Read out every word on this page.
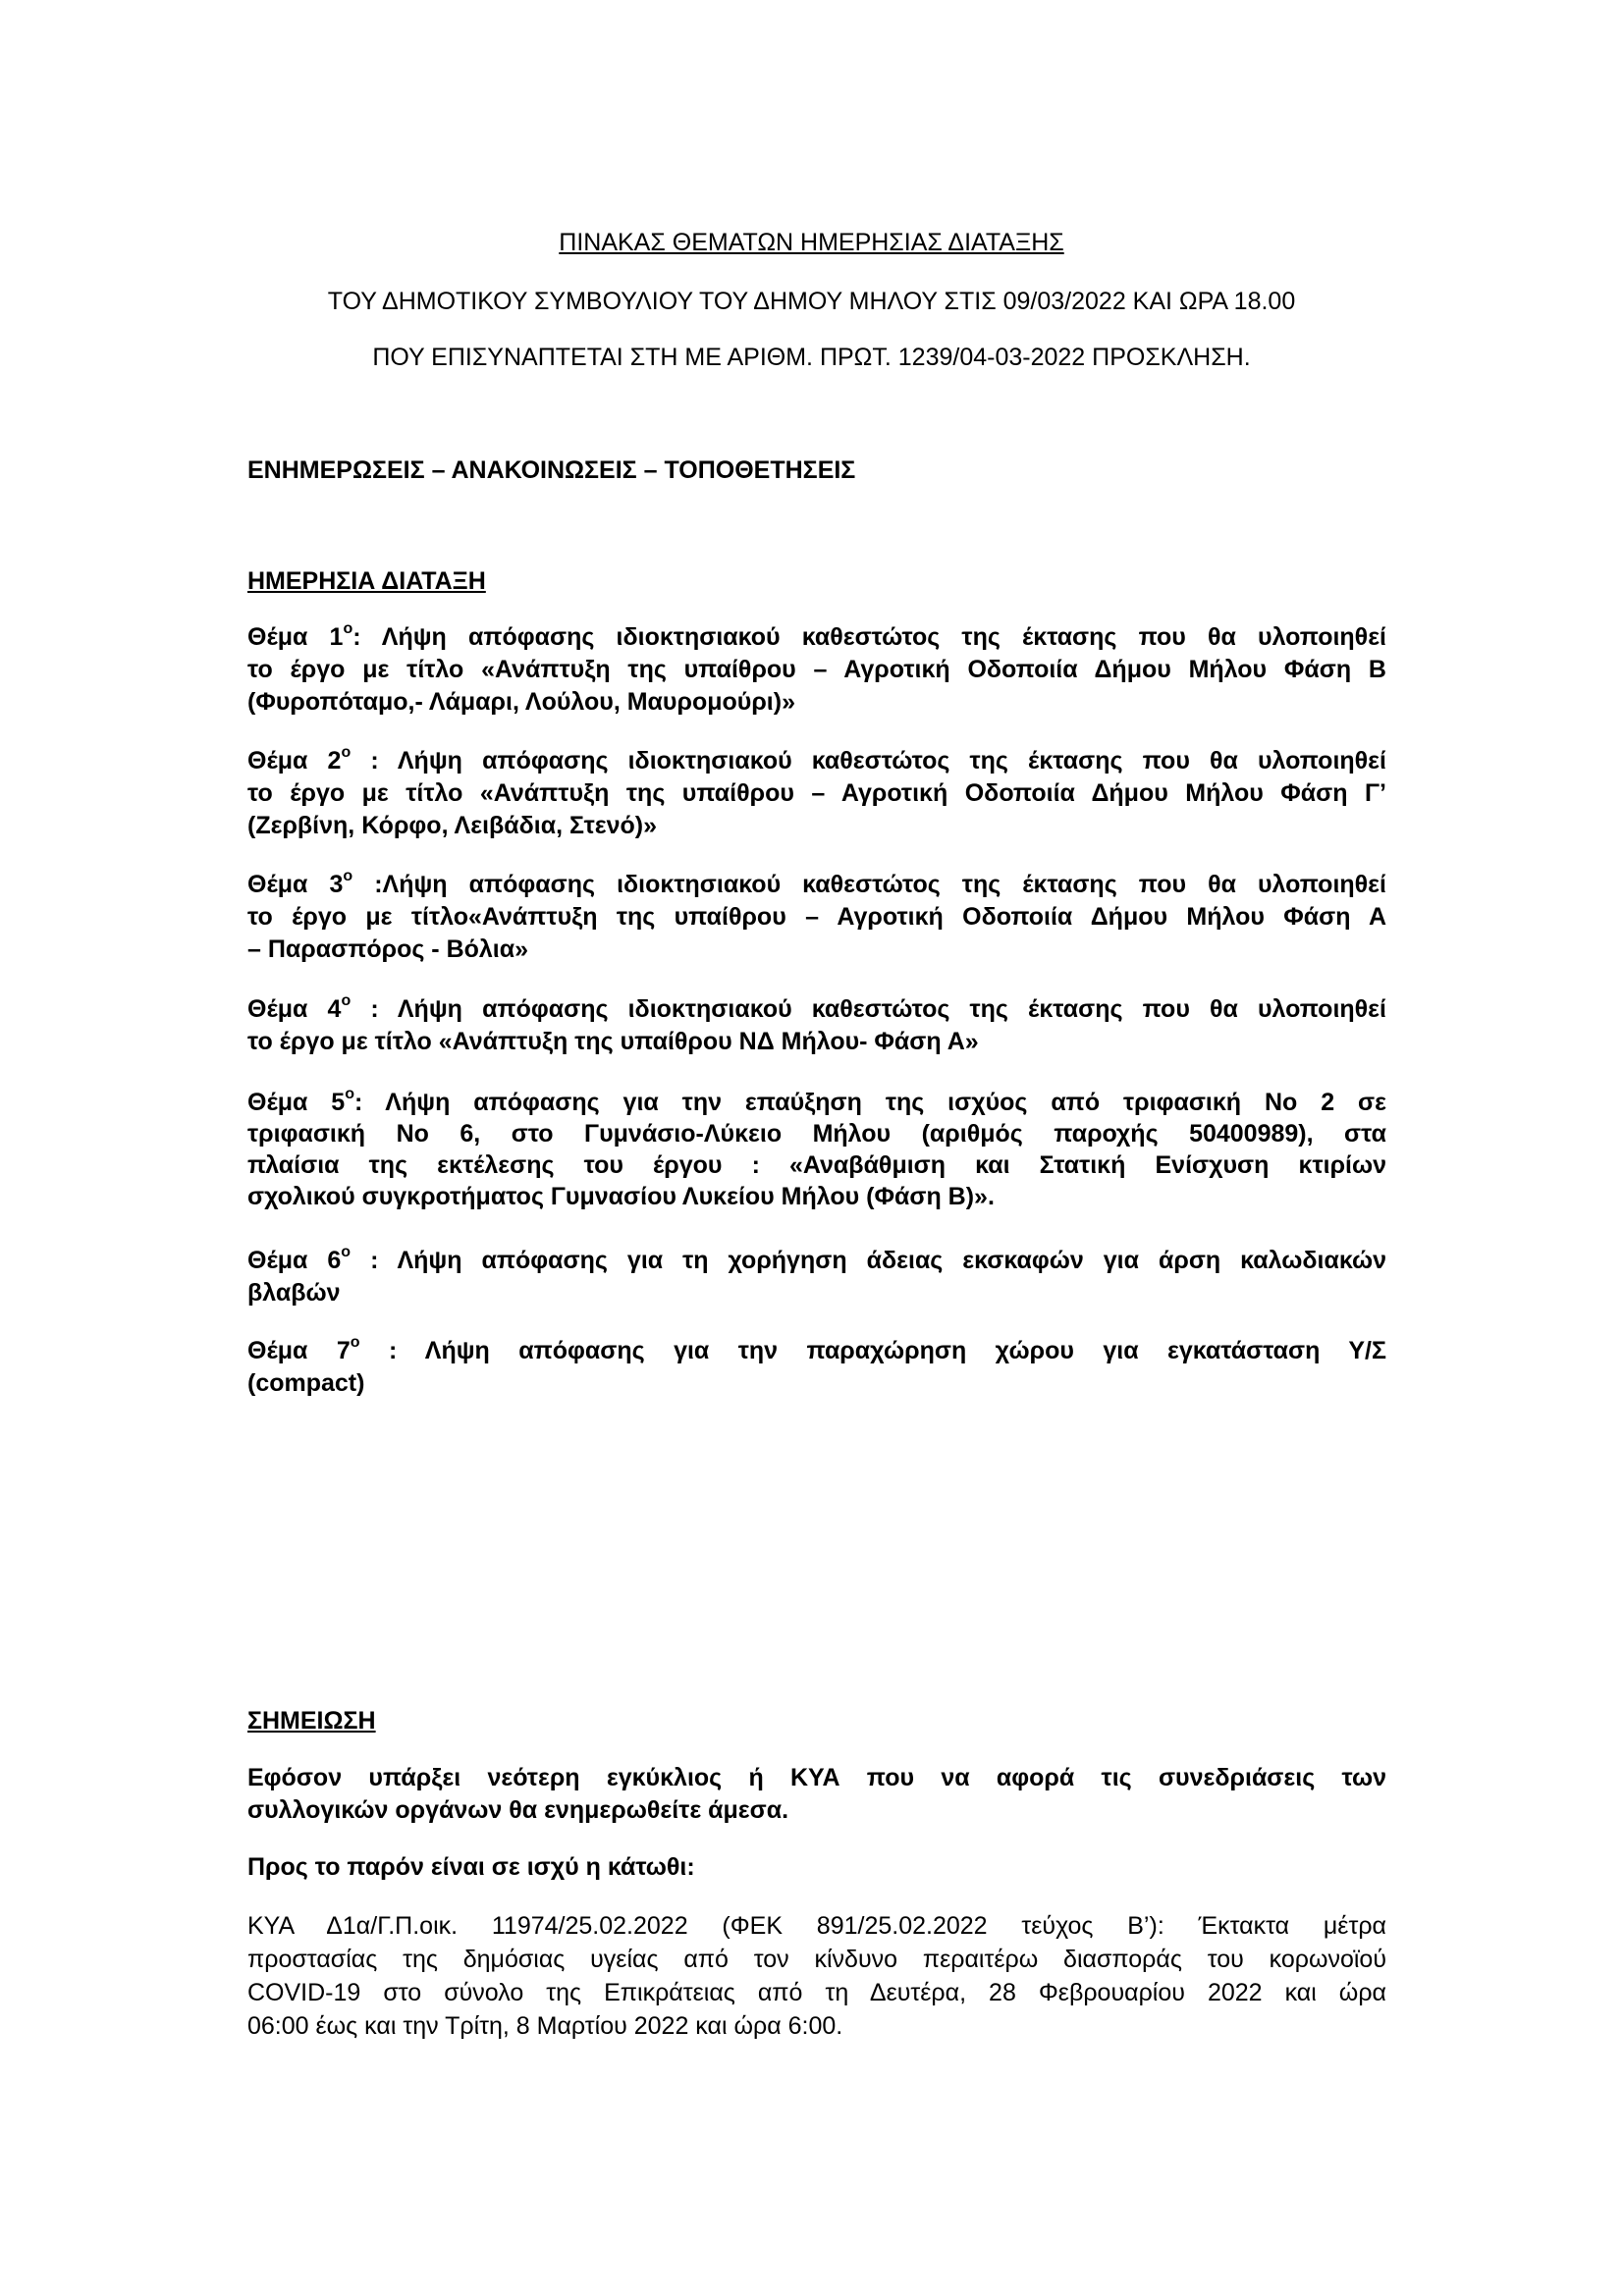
ΠΙΝΑΚΑΣ ΘΕΜΑΤΩΝ ΗΜΕΡΗΣΙΑΣ ΔΙΑΤΑΞΗΣ
ΤΟΥ ΔΗΜΟΤΙΚΟΥ ΣΥΜΒΟΥΛΙΟΥ ΤΟΥ ΔΗΜΟΥ ΜΗΛΟΥ ΣΤΙΣ 09/03/2022 ΚΑΙ ΩΡΑ 18.00
ΠΟΥ ΕΠΙΣΥΝΑΠΤΕΤΑΙ ΣΤΗ ΜΕ ΑΡΙΘΜ. ΠΡΩΤ. 1239/04-03-2022 ΠΡΟΣΚΛΗΣΗ.
ΕΝΗΜΕΡΩΣΕΙΣ – ΑΝΑΚΟΙΝΩΣΕΙΣ – ΤΟΠΟΘΕΤΗΣΕΙΣ
ΗΜΕΡΗΣΙΑ ΔΙΑΤΑΞΗ
Θέμα $1^o$: Λήψη απόφασης ιδιοκτησιακού καθεστώτος της έκτασης που θα υλοποιηθεί
το έργο με τίτλο «Ανάπτυξη της υπαίθρου – Αγροτική Οδοποιία Δήμου Μήλου Φάση Β
(Φυροπόταμο,- Λάμαρι, Λούλου, Μαυρομούρι)»
Θέμα $2^o$ : Λήψη απόφασης ιδιοκτησιακού καθεστώτος της έκτασης που θα υλοποιηθεί
το έργο με τίτλο «Ανάπτυξη της υπαίθρου – Αγροτική Οδοποιία Δήμου Μήλου Φάση Γ’
(Ζερβίνη, Κόρφο, Λειβάδια, Στενό)»
Θέμα $3^o$ :Λήψη απόφασης ιδιοκτησιακού καθεστώτος της έκτασης που θα υλοποιηθεί
το έργο με τίτλο«Ανάπτυξη της υπαίθρου – Αγροτική Οδοποιία Δήμου Μήλου Φάση Α
– Παρασπόρος - Βόλια»
Θέμα $4^o$ : Λήψη απόφασης ιδιοκτησιακού καθεστώτος της έκτασης που θα υλοποιηθεί
το έργο με τίτλο «Ανάπτυξη της υπαίθρου ΝΔ Μήλου- Φάση Α»
Θέμα $5^o$: Λήψη απόφασης για την επαύξηση της ισχύος από τριφασική Νο 2 σε
τριφασική Νο 6, στο Γυμνάσιο-Λύκειο Μήλου (αριθμός παροχής 50400989), στα
πλαίσια της εκτέλεσης του έργου : «Αναβάθμιση και Στατική Ενίσχυση κτιρίων
σχολικού συγκροτήματος Γυμνασίου Λυκείου Μήλου (Φάση Β)».
Θέμα $6^o$ : Λήψη απόφασης για τη χορήγηση άδειας εκσκαφών για άρση καλωδιακών
βλαβών
Θέμα $7^o$ : Λήψη απόφασης για την παραχώρηση χώρου για εγκατάσταση Υ/Σ
(compact)
ΣΗΜΕΙΩΣΗ
Εφόσον υπάρξει νεότερη εγκύκλιος ή ΚΥΑ που να αφορά τις συνεδριάσεις των
συλλογικών οργάνων θα ενημερωθείτε άμεσα.
Προς το παρόν είναι σε ισχύ η κάτωθι:
ΚΥΑ Δ1α/Γ.Π.οικ. 11974/25.02.2022 (ΦΕΚ 891/25.02.2022 τεύχος Β’): Έκτακτα μέτρα
προστασίας της δημόσιας υγείας από τον κίνδυνο περαιτέρω διασποράς του κορωνοϊού
COVID-19 στο σύνολο της Επικράτειας από τη Δευτέρα, 28 Φεβρουαρίου 2022 και ώρα
06:00 έως και την Τρίτη, 8 Μαρτίου 2022 και ώρα 6:00.
